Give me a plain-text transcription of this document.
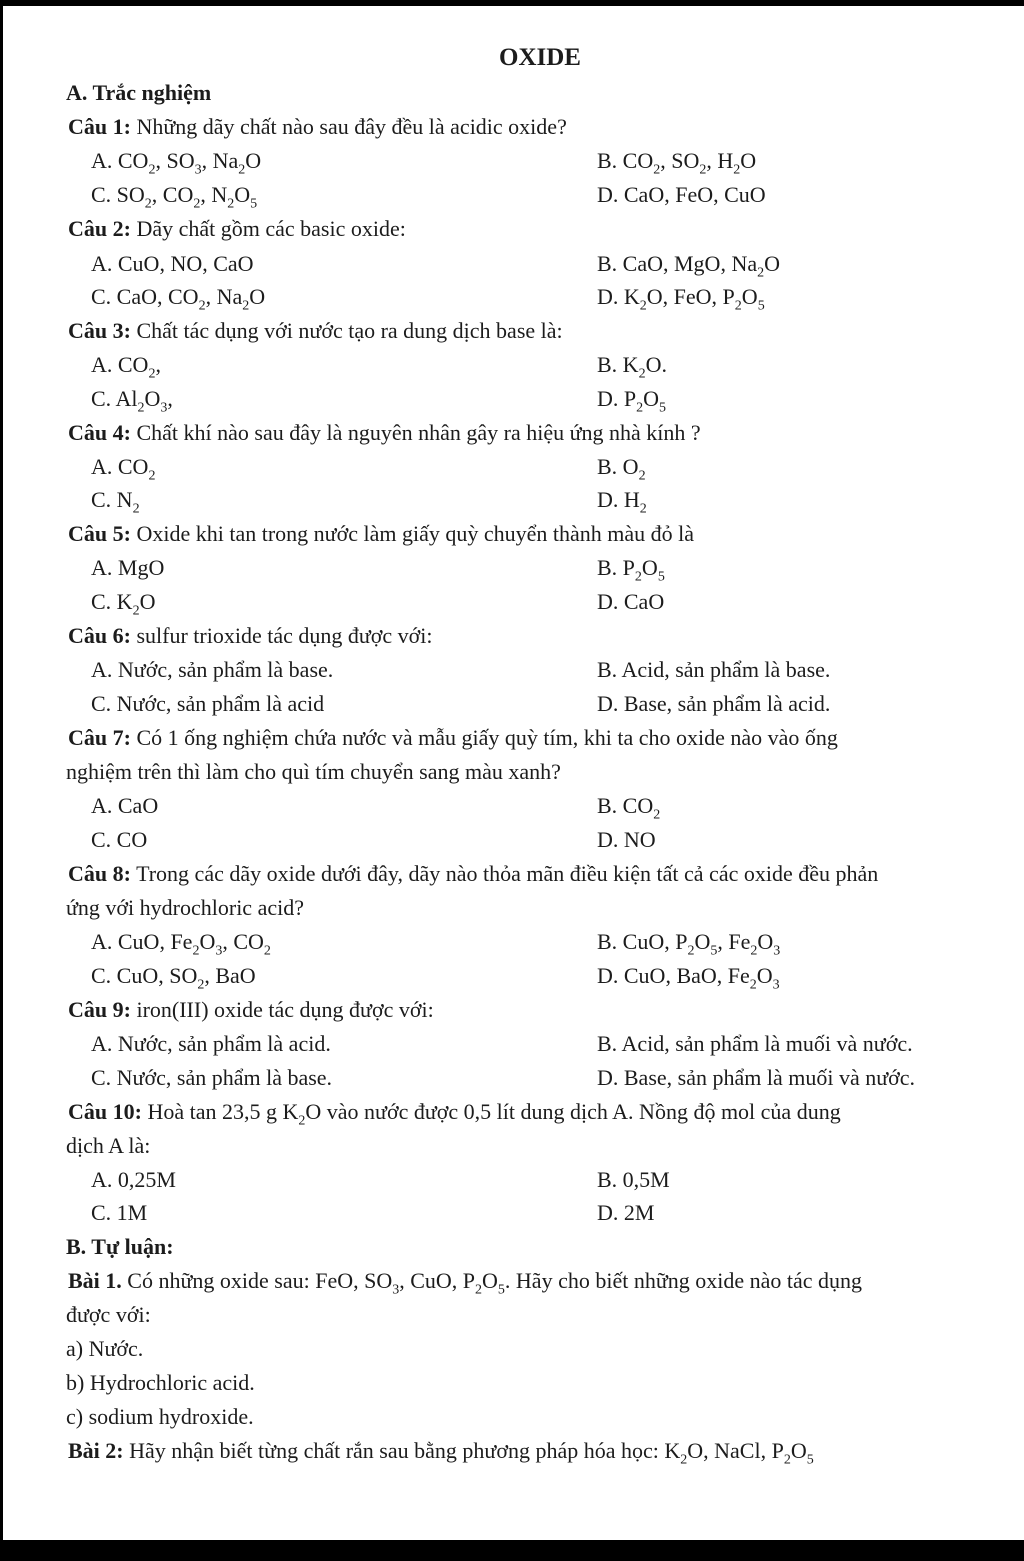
OXIDE
A. Trắc nghiệm
Câu 1: Những dãy chất nào sau đây đều là acidic oxide?
A. $CO_2$, $SO_3$, $Na_2O$	B. $CO_2$, $SO_2$, $H_2O$
C. $SO_2$, $CO_2$, $N_2O_5$	D. CaO, FeO, CuO
Câu 2: Dãy chất gồm các basic oxide:
A. CuO, NO, CaO	B. CaO, MgO, $Na_2O$
C. CaO, $CO_2$, $Na_2O$	D. $K_2O$, FeO, $P_2O_5$
Câu 3: Chất tác dụng với nước tạo ra dung dịch base là:
A. $CO_2$,	B. $K_2O$.
C. $Al_2O_3$,	D. $P_2O_5$
Câu 4: Chất khí nào sau đây là nguyên nhân gây ra hiệu ứng nhà kính ?
A. $CO_2$	B. $O_2$
C. $N_2$	D. $H_2$
Câu 5: Oxide khi tan trong nước làm giấy quỳ chuyển thành màu đỏ là
A. MgO	B. $P_2O_5$
C. $K_2O$	D. CaO
Câu 6: sulfur trioxide tác dụng được với:
A. Nước, sản phẩm là base.	B. Acid, sản phẩm là base.
C. Nước, sản phẩm là acid	D. Base, sản phẩm là acid.
Câu 7: Có 1 ống nghiệm chứa nước và mẫu giấy quỳ tím, khi ta cho oxide nào vào ống
nghiệm trên thì làm cho quì tím chuyển sang màu xanh?
A. CaO	B. $CO_2$
C. CO	D. NO
Câu 8: Trong các dãy oxide dưới đây, dãy nào thỏa mãn điều kiện tất cả các oxide đều phản
ứng với hydrochloric acid?
A. CuO, $Fe_2O_3$, $CO_2$	B. CuO, $P_2O_5$, $Fe_2O_3$
C. CuO, $SO_2$, BaO	D. CuO, BaO, $Fe_2O_3$
Câu 9: iron(III) oxide tác dụng được với:
A. Nước, sản phẩm là acid.	B. Acid, sản phẩm là muối và nước.
C. Nước, sản phẩm là base.	D. Base, sản phẩm là muối và nước.
Câu 10: Hoà tan 23,5 g $K_2O$ vào nước được 0,5 lít dung dịch A. Nồng độ mol của dung
dịch A là:
A. 0,25M	B. 0,5M
C. 1M	D. 2M
B. Tự luận:
Bài 1. Có những oxide sau: FeO, $SO_3$, CuO, $P_2O_5$. Hãy cho biết những oxide nào tác dụng
được với:
a) Nước.
b) Hydrochloric acid.
c) sodium hydroxide.
Bài 2: Hãy nhận biết từng chất rắn sau bằng phương pháp hóa học: $K_2O$, NaCl, $P_2O_5$
